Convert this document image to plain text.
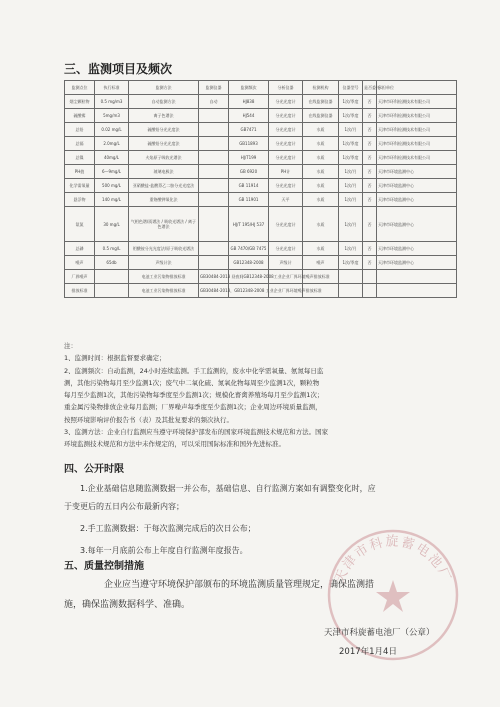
三、监测项目及频次
监测点位	执行标准	监测方法	监测仪器	监测频次	分析仪器	检测机构	仪器型号	是否委托	承担单位
烟尘颗粒物	0.5 mg/m3	自动监测方法	自动	HJ838	分光光度计	在线监测仪器	1次/季度	否	天津市环科检测技术有限公司
硫酸雾	5mg/m3	离子色谱法		HJ544	分光光度计	在线监测仪器	1次/季度	否	天津市环科检测技术有限公司
总铅	0.02 mg/L	硫酸铅分光光度法		GB7471	分光光度计	水质	1次/月	否	天津市环科检测技术有限公司
总镉	2.0mg/L	硫酸铅分光光度法		GB11893	分光光度计	水质	1次/季度	否	天津市环科检测技术有限公司
总镍	40mg/L	火焰原子吸收光谱法		HJ/T199	分光光度计	水质	1次/季度	否	天津市环科检测技术有限公司
PH值	6—9mg/L	玻璃电极法		GB 6920	PH计	水质	1次/月	否	天津市环境监测中心
化学需氧量	500 mg/L	亚硝酸盐-盐酸萘乙二胺分光光度法		GB 11914	分光光度计	水质	1次/月	否	天津市环境监测中心
悬浮物	140 mg/L	重铬酸钾氧化法		GB 11901	天平	水质	1次/月	否	天津市环境监测中心
氨氮	30 mg/L	气相色谱/质谱法 / 吸收光谱法 / 离子色谱法		HJ/T 195/HJ 537	分光光度计	水质	1次/月	否	天津市环境监测中心
总磷	0.5 mg/L	钼酸铵分光光度法/原子吸收光谱法		GB 7470/GB 7475	分光光度计	水质	1次/月	否	天津市环境监测中心
噪声	65db	声级计法		GB12348-2008	声级计	噪声	1次/季度	否	天津市环境监测中心
厂界噪声		电池工业污染物排放标准	GB30484-2013 昼夜间GB12348-2008工业企业厂界环境噪声排放标准						
排放标准		电池工业污染物排放标准	GB30484-2013，GB12348-2008 工业企业厂界环境噪声排放标准						

注：

1、监测时间：根据监督要求确定；

2、监测频次：自动监测，24小时连续监测。手工监测的，废水中化学需氧量、氨氮每日监

测，其他污染物每月至少监测1次；废气中二氧化硫、氮氧化物每周至少监测1次，颗粒物

每月至少监测1次，其他污染物每季度至少监测1次；规模化畜禽养殖场每月至少监测1次；

重金属污染物排放企业每月监测；厂界噪声每季度至少监测1次；企业周边环境质量监测，

按照环境影响评价报告书（表）及其批复要求的频次执行。

3、监测方法：企业自行监测应当遵守环境保护部发布的国家环境监测技术规范和方法。国家

环境监测技术规范和方法中未作规定的，可以采用国际标准和国外先进标准。

四、公开时限

1.企业基础信息随监测数据一并公布，基础信息、自行监测方案如有调整变化时，应

于变更后的五日内公布最新内容；

2.手工监测数据：于每次监测完成后的次日公布；

3.每年一月底前公布上年度自行监测年度报告。

五、质量控制措施

企业应当遵守环境保护部颁布的环境监测质量管理规定，确保监测措

施，确保监测数据科学、准确。

天津市科旋蓄电池厂
天津市科旋蓄电池厂（公章）
2017年1月4日
